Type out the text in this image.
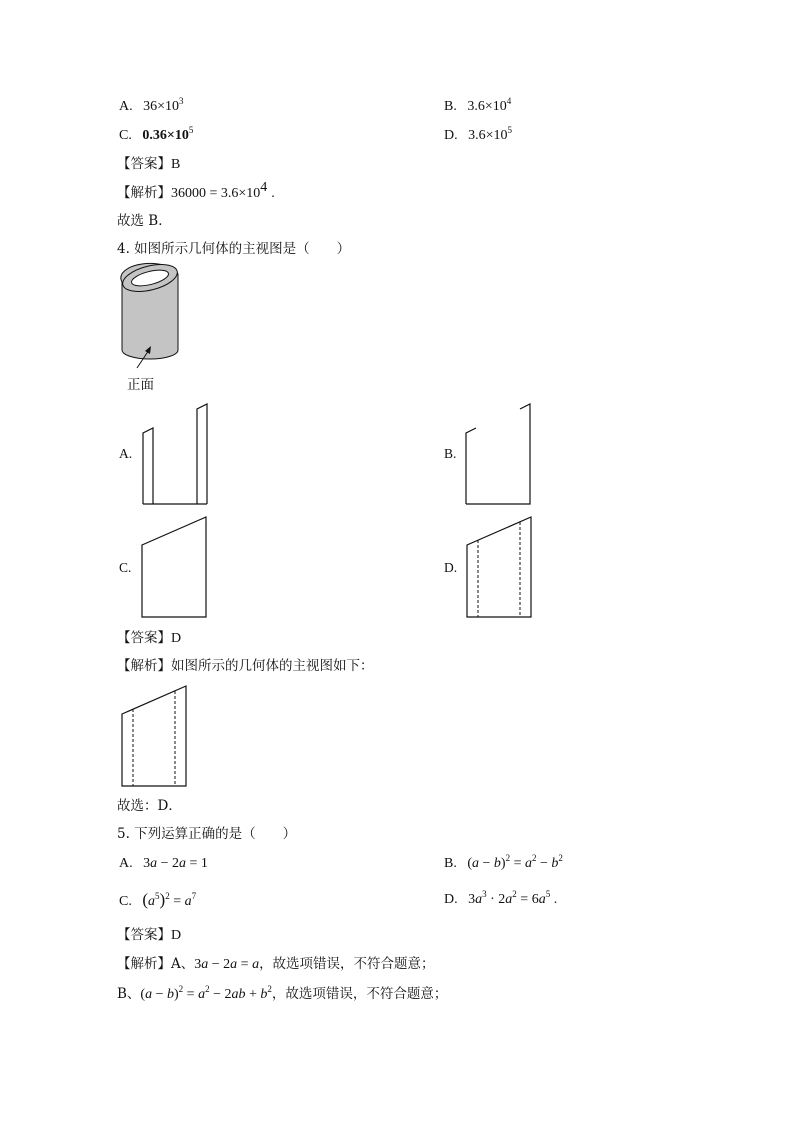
A. $36\times 10^3$	B. $3.6\times 10^4$
C. $0.36\times 10^5$	D. $3.6\times 10^5$
【答案】B
【解析】$36000 = 3.6\times 10^4$ .
故选 B．
4. 如图所示几何体的主视图是（　　）
正面
A.	B.
C.	D.
【答案】D
【解析】如图所示的几何体的主视图如下：
故选：D．
5. 下列运算正确的是（　　）
A.   3a − 2a = 1	B.   $(a - b)^2 = a^2 - b^2$
C. $(a^5)^2 = a^7$	D.   $3a^3 \cdot 2a^2 = 6a^5$ .
【答案】D
【解析】A、3a − 2a = a，故选项错误，不符合题意；
B、$(a - b)^2 = a^2 - 2ab + b^2$，故选项错误，不符合题意；
